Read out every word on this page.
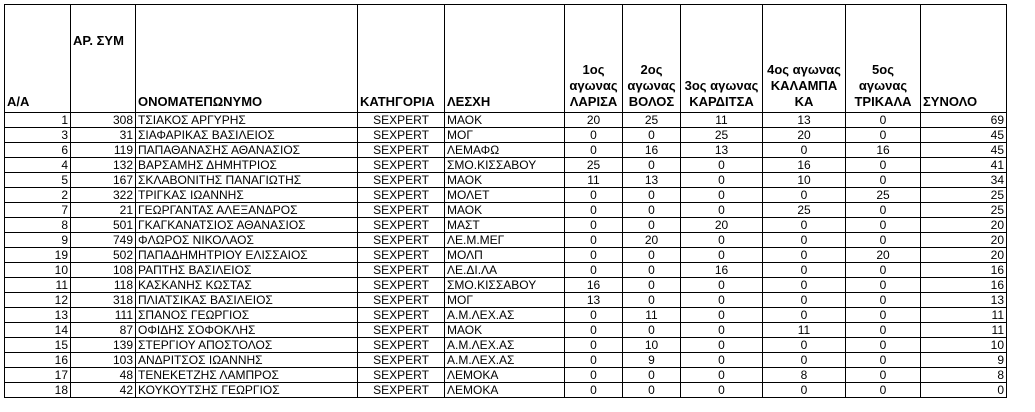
Α/Α	ΑΡ. ΣΥΜ	ΟΝΟΜΑΤΕΠΩΝΥΜΟ	ΚΑΤΗΓΟΡΙΑ	ΛΕΣΧΗ	1ος αγωνας ΛΑΡΙΣΑ	2ος αγωνας ΒΟΛΟΣ	3ος αγωνας ΚΑΡΔΙΤΣΑ	4ος αγωνας ΚΑΛΑΜΠΑ ΚΑ	5ος αγωνας ΤΡΙΚΑΛΑ	ΣΥΝΟΛΟ
1	308	ΤΣΙΑΚΟΣ ΑΡΓΥΡΗΣ	SEXPERT	ΜΑΟΚ	20	25	11	13	0	69
3	31	ΣΙΑΦΑΡΙΚΑΣ ΒΑΣΙΛΕΙΟΣ	SEXPERT	ΜΟΓ	0	0	25	20	0	45
6	119	ΠΑΠΑΘΑΝΑΣΗΣ ΑΘΑΝΑΣΙΟΣ	SEXPERT	ΛΕΜΑΦΩ	0	16	13	0	16	45
4	132	ΒΑΡΣΑΜΗΣ ΔΗΜΗΤΡΙΟΣ	SEXPERT	ΣΜΟ.ΚΙΣΣΑΒΟΥ	25	0	0	16	0	41
5	167	ΣΚΛΑΒΟΝΙΤΗΣ ΠΑΝΑΓΙΩΤΗΣ	SEXPERT	ΜΑΟΚ	11	13	0	10	0	34
2	322	ΤΡΙΓΚΑΣ ΙΩΑΝΝΗΣ	SEXPERT	ΜΟΛΕΤ	0	0	0	0	25	25
7	21	ΓΕΩΡΓΑΝΤΑΣ ΑΛΕΞΑΝΔΡΟΣ	SEXPERT	ΜΑΟΚ	0	0	0	25	0	25
8	501	ΓΚΑΓΚΑΝΑΤΣΙΟΣ ΑΘΑΝΑΣΙΟΣ	SEXPERT	ΜΑΣΤ	0	0	20	0	0	20
9	749	ΦΛΩΡΟΣ ΝΙΚΟΛΑΟΣ	SEXPERT	ΛΕ.Μ.ΜΕΓ	0	20	0	0	0	20
19	502	ΠΑΠΑΔΗΜΗΤΡΙΟΥ ΕΛΙΣΣΑΙΟΣ	SEXPERT	ΜΟΛΠ	0	0	0	0	20	20
10	108	ΡΑΠΤΗΣ ΒΑΣΙΛΕΙΟΣ	SEXPERT	ΛΕ.ΔΙ.ΛΑ	0	0	16	0	0	16
11	118	ΚΑΣΚΑΝΗΣ ΚΩΣΤΑΣ	SEXPERT	ΣΜΟ.ΚΙΣΣΑΒΟΥ	16	0	0	0	0	16
12	318	ΠΛΙΑΤΣΙΚΑΣ ΒΑΣΙΛΕΙΟΣ	SEXPERT	ΜΟΓ	13	0	0	0	0	13
13	111	ΣΠΑΝΟΣ ΓΕΩΡΓΙΟΣ	SEXPERT	Α.Μ.ΛΕΧ.ΑΣ	0	11	0	0	0	11
14	87	ΟΦΙΔΗΣ ΣΟΦΟΚΛΗΣ	SEXPERT	ΜΑΟΚ	0	0	0	11	0	11
15	139	ΣΤΕΡΓΙΟΥ ΑΠΟΣΤΟΛΟΣ	SEXPERT	Α.Μ.ΛΕΧ.ΑΣ	0	10	0	0	0	10
16	103	ΑΝΔΡΙΤΣΟΣ ΙΩΑΝΝΗΣ	SEXPERT	Α.Μ.ΛΕΧ.ΑΣ	0	9	0	0	0	9
17	48	ΤΕΝΕΚΕΤΖΗΣ ΛΑΜΠΡΟΣ	SEXPERT	ΛΕΜΟΚΑ	0	0	0	8	0	8
18	42	ΚΟΥΚΟΥΤΣΗΣ ΓΕΩΡΓΙΟΣ	SEXPERT	ΛΕΜΟΚΑ	0	0	0	0	0	0
